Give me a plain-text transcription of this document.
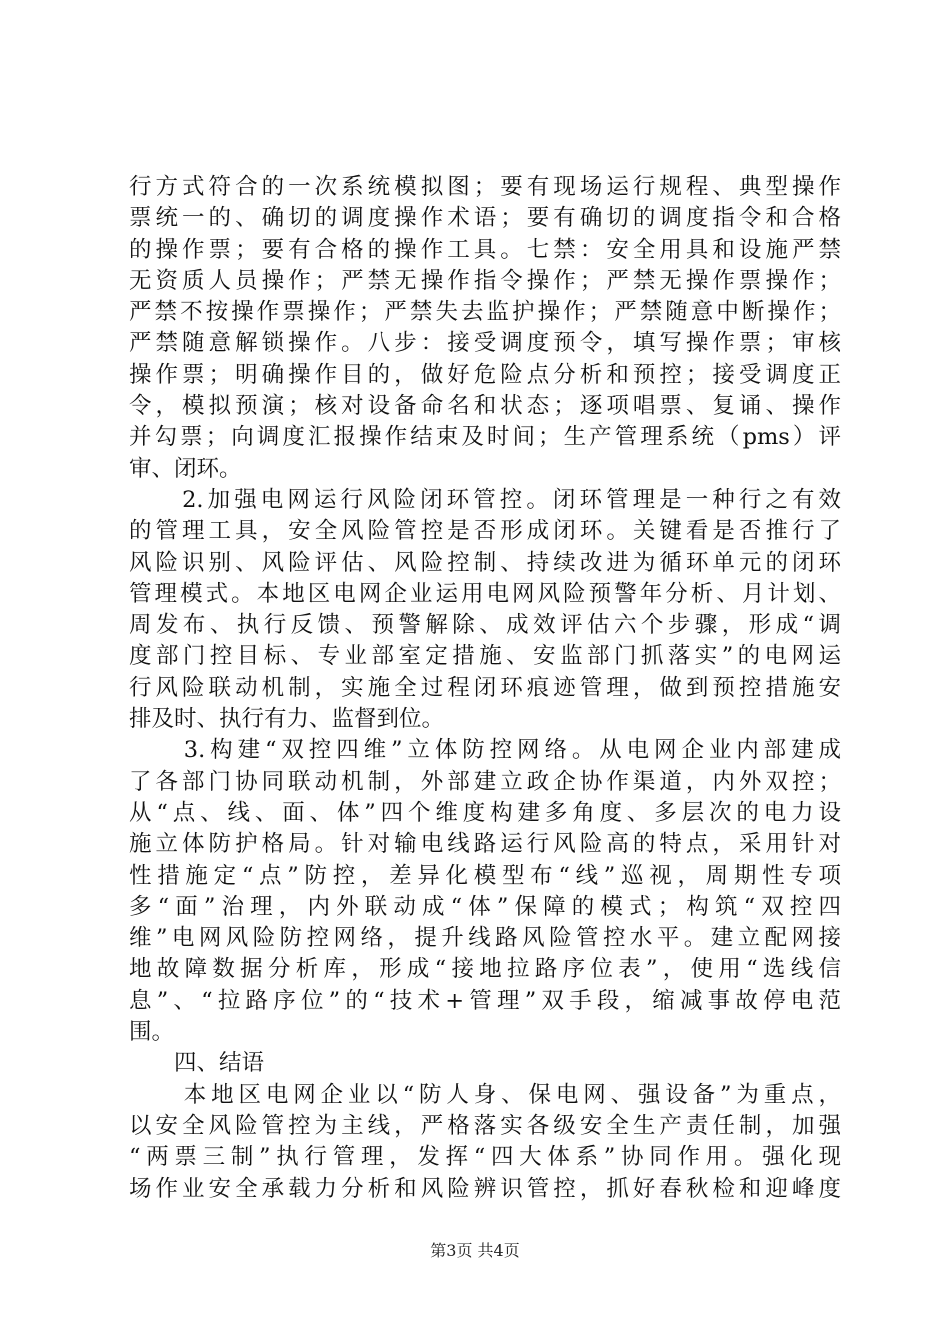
行方式符合的一次系统模拟图；要有现场运行规程、典型操作
票统一的、确切的调度操作术语；要有确切的调度指令和合格
的操作票；要有合格的操作工具。七禁：安全用具和设施严禁
无资质人员操作；严禁无操作指令操作；严禁无操作票操作；
严禁不按操作票操作；严禁失去监护操作；严禁随意中断操作；
严禁随意解锁操作。八步：接受调度预令，填写操作票；审核
操作票；明确操作目的，做好危险点分析和预控；接受调度正
令，模拟预演；核对设备命名和状态；逐项唱票、复诵、操作
并勾票；向调度汇报操作结束及时间；生产管理系统（pms）评
审、闭环。
　　2.加强电网运行风险闭环管控。闭环管理是一种行之有效
的管理工具，安全风险管控是否形成闭环。关键看是否推行了
风险识别、风险评估、风险控制、持续改进为循环单元的闭环
管理模式。本地区电网企业运用电网风险预警年分析、月计划、
周发布、执行反馈、预警解除、成效评估六个步骤，形成“调
度部门控目标、专业部室定措施、安监部门抓落实”的电网运
行风险联动机制，实施全过程闭环痕迹管理，做到预控措施安
排及时、执行有力、监督到位。
　　3.构建“双控四维”立体防控网络。从电网企业内部建成
了各部门协同联动机制，外部建立政企协作渠道，内外双控；
从“点、线、面、体”四个维度构建多角度、多层次的电力设
施立体防护格局。针对输电线路运行风险高的特点，采用针对
性措施定“点”防控，差异化模型布“线”巡视，周期性专项
多“面”治理，内外联动成“体”保障的模式；构筑“双控四
维”电网风险防控网络，提升线路风险管控水平。建立配网接
地故障数据分析库，形成“接地拉路序位表”，使用“选线信
息”、“拉路序位”的“技术+管理”双手段，缩减事故停电范
围。
　　四、结语
　　本地区电网企业以“防人身、保电网、强设备”为重点，
以安全风险管控为主线，严格落实各级安全生产责任制，加强
“两票三制”执行管理，发挥“四大体系”协同作用。强化现
场作业安全承载力分析和风险辨识管控，抓好春秋检和迎峰度
第3页 共4页
